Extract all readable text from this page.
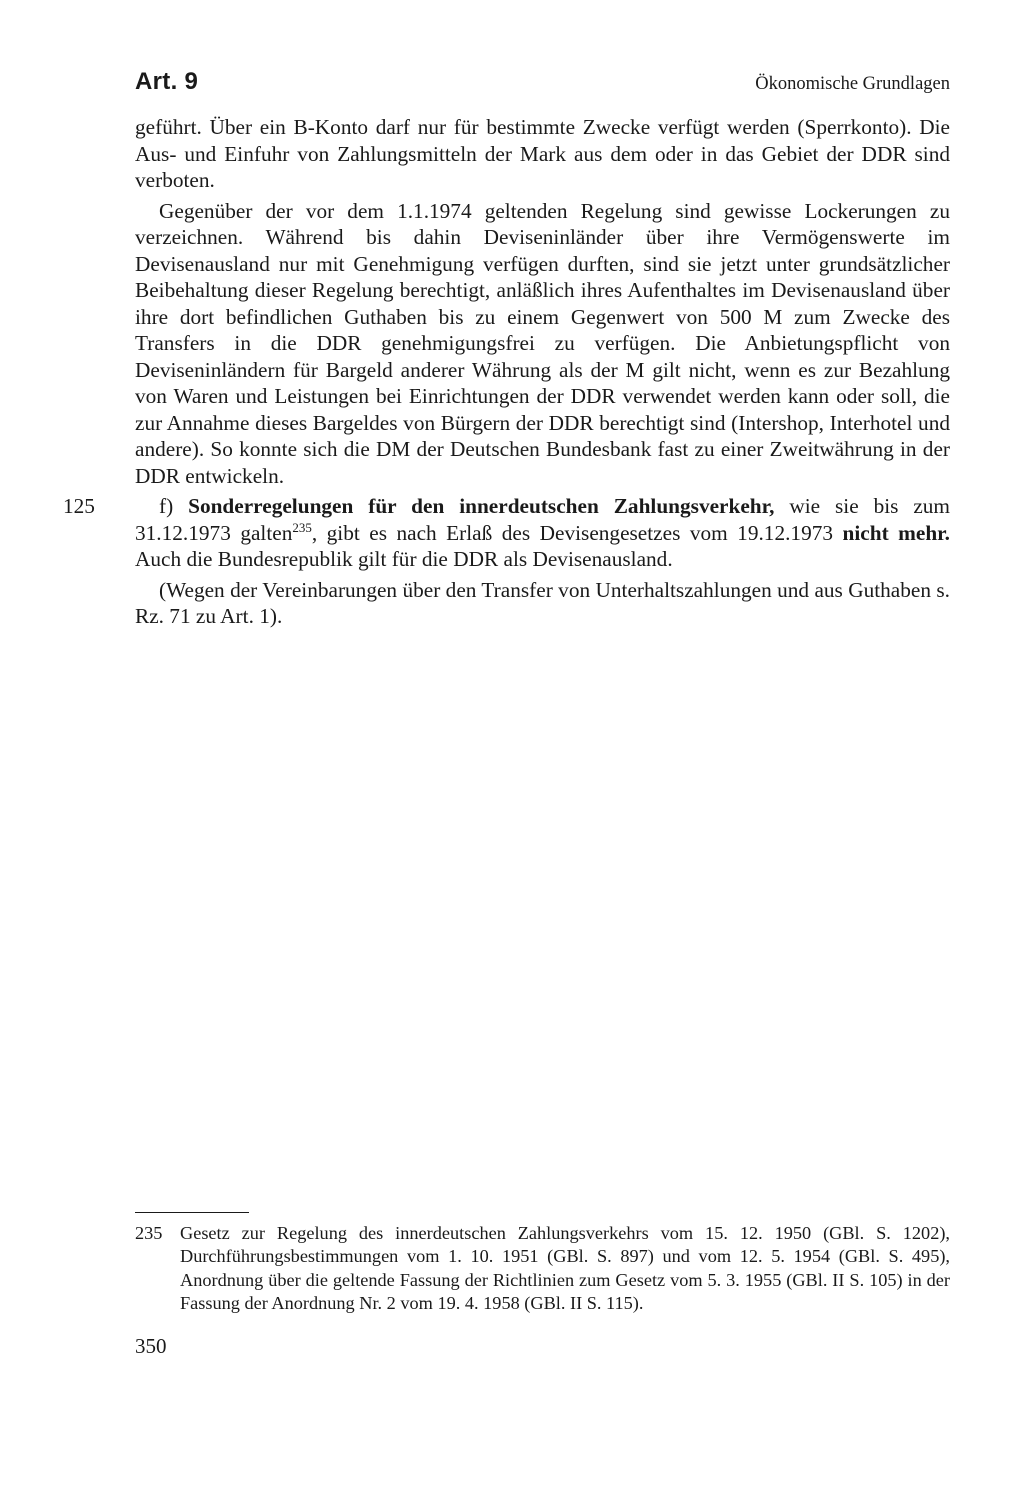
Art. 9	Ökonomische Grundlagen

geführt. Über ein B-Konto darf nur für bestimmte Zwecke verfügt werden (Sperrkonto). Die Aus- und Einfuhr von Zahlungsmitteln der Mark aus dem oder in das Gebiet der DDR sind verboten.

Gegenüber der vor dem 1.1.1974 geltenden Regelung sind gewisse Lockerungen zu verzeichnen. Während bis dahin Deviseninländer über ihre Vermögenswerte im Devisenausland nur mit Genehmigung verfügen durften, sind sie jetzt unter grundsätzlicher Beibehaltung dieser Regelung berechtigt, anläßlich ihres Aufenthaltes im Devisenausland über ihre dort befindlichen Guthaben bis zu einem Gegenwert von 500 M zum Zwecke des Transfers in die DDR genehmigungsfrei zu verfügen. Die Anbietungspflicht von Deviseninländern für Bargeld anderer Währung als der M gilt nicht, wenn es zur Bezahlung von Waren und Leistungen bei Einrichtungen der DDR verwendet werden kann oder soll, die zur Annahme dieses Bargeldes von Bürgern der DDR berechtigt sind (Intershop, Interhotel und andere). So konnte sich die DM der Deutschen Bundesbank fast zu einer Zweitwährung in der DDR entwickeln.

125	f) Sonderregelungen für den innerdeutschen Zahlungsverkehr, wie sie bis zum 31.12.1973 galten$^{235}$, gibt es nach Erlaß des Devisengesetzes vom 19.12.1973 nicht mehr. Auch die Bundesrepublik gilt für die DDR als Devisenausland.

(Wegen der Vereinbarungen über den Transfer von Unterhaltszahlungen und aus Guthaben s. Rz. 71 zu Art. 1).

235 Gesetz zur Regelung des innerdeutschen Zahlungsverkehrs vom 15. 12. 1950 (GBl. S. 1202), Durchführungsbestimmungen vom 1. 10. 1951 (GBl. S. 897) und vom 12. 5. 1954 (GBl. S. 495), Anordnung über die geltende Fassung der Richtlinien zum Gesetz vom 5. 3. 1955 (GBl. II S. 105) in der Fassung der Anordnung Nr. 2 vom 19. 4. 1958 (GBl. II S. 115).
350
